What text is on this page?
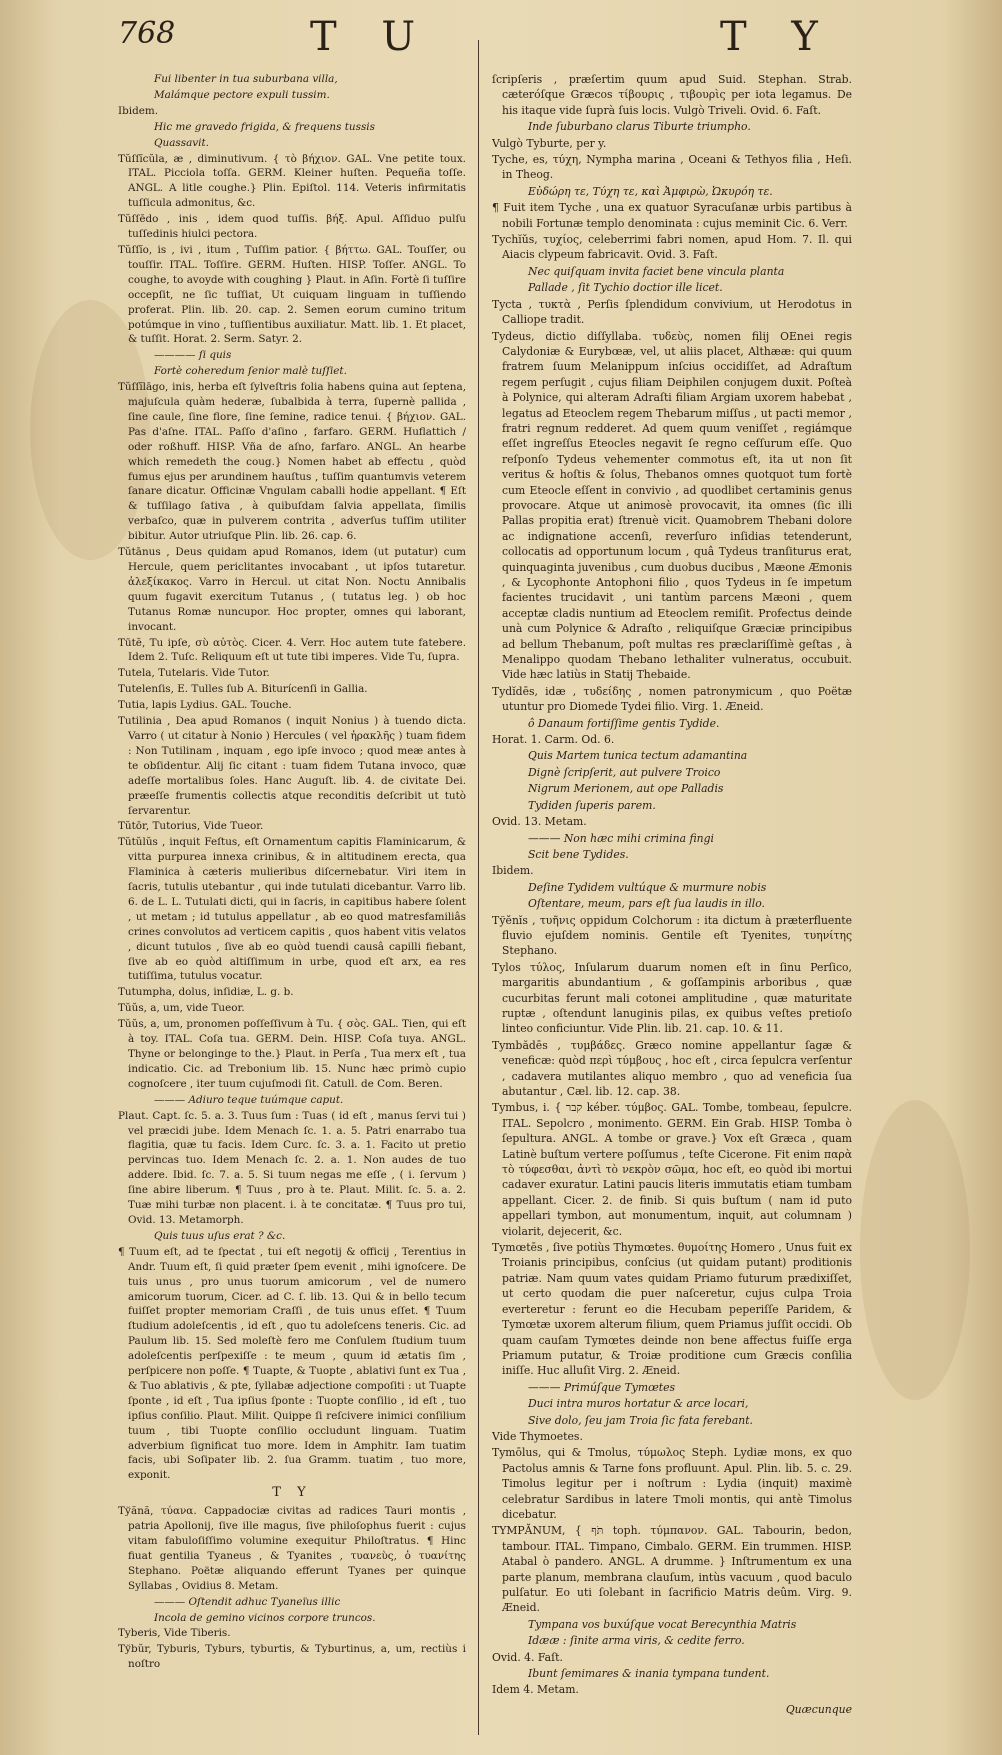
768	T U	T Y
Fui libenter in tua suburbana villa,
Malámque pectore expuli tussim.
Ibidem.
Hic me gravedo frigida, & frequens tussis
Quassavit.
Tŭſſĭcŭla, æ , diminutivum. { τὸ βήχιον. GAL. Vne petite toux. ITAL. Picciola toſſa. GERM. Kleiner huſten. Pequeña toſſe. ANGL. A litle coughe.} Plin. Epiſtol. 114. Veteris infirmitatis tuſſicula admonitus, &c.
Tŭſſēdo , inis , idem quod tuſſis. βήξ. Apul. Aſſiduo pulſu tuſſedinis hiulci pectora.
Tŭſſĭo, is , ivi , itum , Tuſſim patior. { βήττω. GAL. Touſſer, ou touſſir. ITAL. Toſſire. GERM. Huſten. HISP. Toſſer. ANGL. To coughe, to avoyde with coughing } Plaut. in Aſin. Fortè ſi tuſſire occepſit, ne ſic tuſſiat, Ut cuiquam linguam in tuſſiendo proferat. Plin. lib. 20. cap. 2. Semen eorum cumino tritum potúmque in vino , tuſſientibus auxiliatur. Matt. lib. 1. Et placet, & tuſſit. Horat. 2. Serm. Satyr. 2.
———— ſi quis
Fortè coheredum ſenior malè tuſſiet.
Tŭſſĭlāgo, inis, herba eſt ſylveſtris folia habens quina aut ſeptena, majuſcula quàm hederæ, ſubalbida à terra, ſupernè pallida , ſine caule, ſine flore, ſine ſemine, radice tenui. { βήχιον. GAL. Pas d'aſne. ITAL. Paſſo d'aſino , farfaro. GERM. Huflattich / oder roßhuff. HISP. Vña de aſno, farfaro. ANGL. An hearbe which remedeth the coug.} Nomen habet ab effectu , quòd fumus ejus per arundinem hauſtus , tuſſim quantumvis veterem ſanare dicatur. Officinæ Vngulam caballi hodie appellant. ¶ Eſt & tuſſilago ſativa , à quibuſdam ſalvia appellata, ſimilis verbaſco, quæ in pulverem contrita , adverſus tuſſim utiliter bibitur. Autor utriuſque Plin. lib. 26. cap. 6.
Tŭtānus , Deus quidam apud Romanos, idem (ut putatur) cum Hercule, quem periclitantes invocabant , ut ipſos tutaretur. ἀλεξίκακος. Varro in Hercul. ut citat Non. Noctu Annibalis quum fugavit exercitum Tutanus , ( tutatus leg. ) ob hoc Tutanus Romæ nuncupor. Hoc propter, omnes qui laborant, invocant.
Tūtĕ, Tu ipſe, σὺ αὐτὸς. Cicer. 4. Verr. Hoc autem tute fatebere. Idem 2. Tuſc. Reliquum eſt ut tute tibi imperes. Vide Tu, ſupra.
Tutela, Tutelaris. Vide Tutor.
Tutelenſis, E. Tulles ſub A. Biturícenſi in Gallia.
Tutia, lapis Lydius. GAL. Touche.
Tutilinia , Dea apud Romanos ( inquit Nonius ) à tuendo dicta. Varro ( ut citatur à Nonio ) Hercules ( vel ἡρακλῆς ) tuam fidem : Non Tutilinam , inquam , ego ipſe invoco ; quod meæ antes à te obſidentur. Alij ſic citant : tuam fidem Tutana invoco, quæ adeſſe mortalibus ſoles. Hanc Auguſt. lib. 4. de civitate Dei. præeſſe frumentis collectis atque reconditis deſcribit ut tutò ſervarentur.
Tŭtōr, Tutorius, Vide Tueor.
Tŭtŭlŭs , inquit Feſtus, eſt Ornamentum capitis Flaminicarum, & vitta purpurea innexa crinibus, & in altitudinem erecta, qua Flaminica à cæteris mulieribus diſcernebatur. Viri item in ſacris, tutulis utebantur , qui inde tutulati dicebantur. Varro lib. 6. de L. L. Tutulati dicti, qui in ſacris, in capitibus habere ſolent , ut metam ; id tutulus appellatur , ab eo quod matresfamiliâs crines convolutos ad verticem capitis , quos habent vitis velatos , dicunt tutulos , ſive ab eo quòd tuendi causâ capilli fiebant, ſive ab eo quòd altiſſimum in urbe, quod eſt arx, ea res tutiſſima, tutulus vocatur.
Tutumpha, dolus, inſidiæ, L. g. b.
Tŭŭs, a, um, vide Tueor.
Tŭŭs, a, um, pronomen poſſeſſivum à Tu. { σὸς. GAL. Tien, qui eſt à toy. ITAL. Coſa tua. GERM. Dein. HISP. Coſa tuya. ANGL. Thyne or belonginge to the.} Plaut. in Perſa , Tua merx eſt , tua indicatio. Cic. ad Trebonium lib. 15. Nunc hæc primò cupio cognoſcere , iter tuum cujuſmodi ſit. Catull. de Com. Beren.
——— Adiuro teque tuúmque caput.
Plaut. Capt. ſc. 5. a. 3. Tuus ſum : Tuas ( id eſt , manus ſervi tui ) vel præcidi jube. Idem Menach ſc. 1. a. 5. Patri enarrabo tua flagitia, quæ tu facis. Idem Curc. ſc. 3. a. 1. Facito ut pretio pervincas tuo. Idem Menach ſc. 2. a. 1. Non audes de tuo addere. Ibid. ſc. 7. a. 5. Si tuum negas me eſſe , ( i. ſervum ) ſine abire liberum. ¶ Tuus , pro à te. Plaut. Milit. ſc. 5. a. 2. Tuæ mihi turbæ non placent. i. à te concitatæ. ¶ Tuus pro tui, Ovid. 13. Metamorph.
Quis tuus uſus erat ? &c.
¶ Tuum eſt, ad te ſpectat , tui eſt negotij & officij , Terentius in Andr. Tuum eſt, ſi quid præter ſpem evenit , mihi ignoſcere. De tuis unus , pro unus tuorum amicorum , vel de numero amicorum tuorum, Cicer. ad C. ſ. lib. 13. Qui & in bello tecum fuiſſet propter memoriam Craſſi , de tuis unus eſſet. ¶ Tuum ſtudium adoleſcentis , id eſt , quo tu adoleſcens teneris. Cic. ad Paulum lib. 15. Sed moleſtè fero me Conſulem ſtudium tuum adoleſcentis perſpexiſſe : te meum , quum id ætatis ſim , perſpicere non poſſe. ¶ Tuapte, & Tuopte , ablativi ſunt ex Tua , & Tuo ablativis , & pte, ſyllabæ adjectione compoſiti : ut Tuapte ſponte , id eſt , Tua ipſius ſponte : Tuopte conſilio , id eſt , tuo ipſius conſilio. Plaut. Milit. Quippe ſi reſcivere inimici conſilium tuum , tibi Tuopte conſilio occludunt linguam. Tuatim adverbium ſignificat tuo more. Idem in Amphitr. Iam tuatim facis, ubi Soſipater lib. 2. ſua Gramm. tuatim , tuo more, exponit.
T Y
Tўănă, τύανα. Cappadociæ civitas ad radices Tauri montis , patria Apollonij, ſive ille magus, ſive philoſophus fuerit : cujus vitam fabuloſiſſimo volumine exequitur Philoſtratus. ¶ Hinc fiuat gentilia Tyaneus , & Tyanites , τυανεὺς, ὁ τυανίτης Stephano. Poëtæ aliquando efferunt Tyanes per quinque Syllabas , Ovidius 8. Metam.
——— Oſtendit adhuc Tyaneïus illic
Incola de gemino vicinos corpore truncos.
Tyberis, Vide Tiberis.
Tўbŭr, Tyburis, Tyburs, tyburtis, & Tyburtinus, a, um, rectiùs i noſtro
ſcripſeris , præſertim quum apud Suid. Stephan. Strab. cæteróſque Græcos τίβουρις , τιβουρὶς per iota legamus. De his itaque vide ſuprà ſuis locis. Vulgò Triveli. Ovid. 6. Faſt.
Inde ſuburbano clarus Tiburte triumpho.
Vulgò Tyburte, per y.
Tyche, es, τύχη, Nympha marina , Oceani & Tethyos filia , Heſi. in Theog.
Εὐδώρη τε, Τύχη τε, καὶ Ἀμφιρὼ, Ὠκυρόη τε.
¶ Fuit item Tyche , una ex quatuor Syracuſanæ urbis partibus à nobili Fortunæ templo denominata : cujus meminit Cic. 6. Verr.
Tychĭŭs, τυχίος, celeberrimi fabri nomen, apud Hom. 7. Il. qui Aiacis clypeum fabricavit. Ovid. 3. Faſt.
Nec quiſquam invita faciet bene vincula planta
Pallade , ſit Tychio doctior ille licet.
Tycta , τυκτὰ , Perſis ſplendidum convivium, ut Herodotus in Calliope tradit.
Tydeus, dictio diſſyllaba. τυδεὺς, nomen filij OEnei regis Calydoniæ & Eurybœæ, vel, ut aliis placet, Althææ: qui quum fratrem ſuum Melanippum inſcius occidiſſet, ad Adraſtum regem perſugit , cujus filiam Deiphilen conjugem duxit. Poſteà à Polynice, qui alteram Adraſti filiam Argiam uxorem habebat , legatus ad Eteoclem regem Thebarum miſſus , ut pacti memor , fratri regnum redderet. Ad quem quum veniſſet , regiámque eſſet ingreſſus Eteocles negavit ſe regno ceſſurum eſſe. Quo reſponſo Tydeus vehementer commotus eſt, ita ut non ſit veritus & hoſtis & ſolus, Thebanos omnes quotquot tum fortè cum Eteocle eſſent in convivio , ad quodlibet certaminis genus provocare. Atque ut animosè provocavit, ita omnes (ſic illi Pallas propitia erat) ſtrenuè vicit. Quamobrem Thebani dolore ac indignatione accenſi, reverſuro inſidias tetenderunt, collocatis ad opportunum locum , quâ Tydeus tranſiturus erat, quinquaginta juvenibus , cum duobus ducibus , Mæone Æmonis , & Lycophonte Antophoni filio , quos Tydeus in ſe impetum facientes trucidavit , uni tantùm parcens Mæoni , quem acceptæ cladis nuntium ad Eteoclem remiſit. Profectus deinde unà cum Polynice & Adraſto , reliquiſque Græciæ principibus ad bellum Thebanum, poſt multas res præclariſſimè geſtas , à Menalippo quodam Thebano lethaliter vulneratus, occubuit. Vide hæc latiùs in Statij Thebaide.
Tydĭdēs, idæ , τυδείδης , nomen patronymicum , quo Poëtæ utuntur pro Diomede Tydei filio. Virg. 1. Æneid.
ô Danaum fortiſſime gentis Tydide.
Horat. 1. Carm. Od. 6.
Quis Martem tunica tectum adamantina
Dignè ſcripſerit, aut pulvere Troico
Nigrum Merionem, aut ope Palladis
Tydiden ſuperis parem.
Ovid. 13. Metam.
——— Non hæc mihi crimina fingi
Scit bene Tydides.
Ibidem.
Deſine Tydidem vultúque & murmure nobis
Oſtentare, meum, pars eſt ſua laudis in illo.
Tўĕnĭs , τυῆνις oppidum Colchorum : ita dictum à præterfluente fluvio ejuſdem nominis. Gentile eſt Tyenites, τυηνίτης Stephano.
Tylos τύλος, Inſularum duarum nomen eſt in ſinu Perſico, margaritis abundantium , & goſſampinis arboribus , quæ cucurbitas ferunt mali cotonei amplitudine , quæ maturitate ruptæ , oſtendunt lanuginis pilas, ex quibus veſtes pretioſo linteo conficiuntur. Vide Plin. lib. 21. cap. 10. & 11.
Tymbădēs , τυμβάδες. Græco nomine appellantur ſagæ & veneficæ: quòd περὶ τύμβους , hoc eſt , circa ſepulcra verſentur , cadavera mutilantes aliquo membro , quo ad veneficia ſua abutantur , Cæl. lib. 12. cap. 38.
Tymbus, i. { קבר kéber. τύμβος. GAL. Tombe, tombeau, ſepulcre. ITAL. Sepolcro , monimento. GERM. Ein Grab. HISP. Tomba ò ſepultura. ANGL. A tombe or grave.} Vox eſt Græca , quam Latinè buſtum vertere poſſumus , teſte Cicerone. Fit enim παρὰ τὸ τύφεσθαι, ἀντὶ τὸ νεκρὸν σῶμα, hoc eſt, eo quòd ibi mortui cadaver exuratur. Latini paucis literis immutatis etiam tumbam appellant. Cicer. 2. de finib. Si quis buſtum ( nam id puto appellari tymbon, aut monumentum, inquit, aut columnam ) violarit, dejecerit, &c.
Tymœtēs , ſive potiùs Thymœtes. θυμοίτης Homero , Unus fuit ex Troianis principibus, conſcius (ut quidam putant) proditionis patriæ. Nam quum vates quidam Priamo futurum prædixiſſet, ut certo quodam die puer naſceretur, cujus culpa Troia everteretur : ferunt eo die Hecubam peperiſſe Paridem, & Tymœtæ uxorem alterum filium, quem Priamus juſſit occidi. Ob quam cauſam Tymœtes deinde non bene affectus fuiſſe erga Priamum putatur, & Troiæ proditione cum Græcis conſilia iniſſe. Huc alluſit Virg. 2. Æneid.
——— Primúſque Tymœtes
Duci intra muros hortatur & arce locari,
Sive dolo, ſeu jam Troia ſic fata ferebant.
Vide Thymoetes.
Tymōlus, qui & Tmolus, τύμωλος Steph. Lydiæ mons, ex quo Pactolus amnis & Tarne fons profluunt. Apul. Plin. lib. 5. c. 29. Timolus legitur per i noſtrum : Lydia (inquit) maximè celebratur Sardibus in latere Tmoli montis, qui antè Timolus dicebatur.
TYMPĂNUM, { תֹּף toph. τύμπανον. GAL. Tabourin, bedon, tambour. ITAL. Timpano, Cimbalo. GERM. Ein trummen. HISP. Atabal ò pandero. ANGL. A drumme. } Inſtrumentum ex una parte planum, membrana clauſum, intùs vacuum , quod baculo pulſatur. Eo uti ſolebant in ſacrificio Matris deûm. Virg. 9. Æneid.
Tympana vos buxúſque vocat Berecynthia Matris
Idææ : ſinite arma viris, & cedite ferro.
Ovid. 4. Faſt.
Ibunt ſemimares & inania tympana tundent.
Idem 4. Metam.
Quæcunque
